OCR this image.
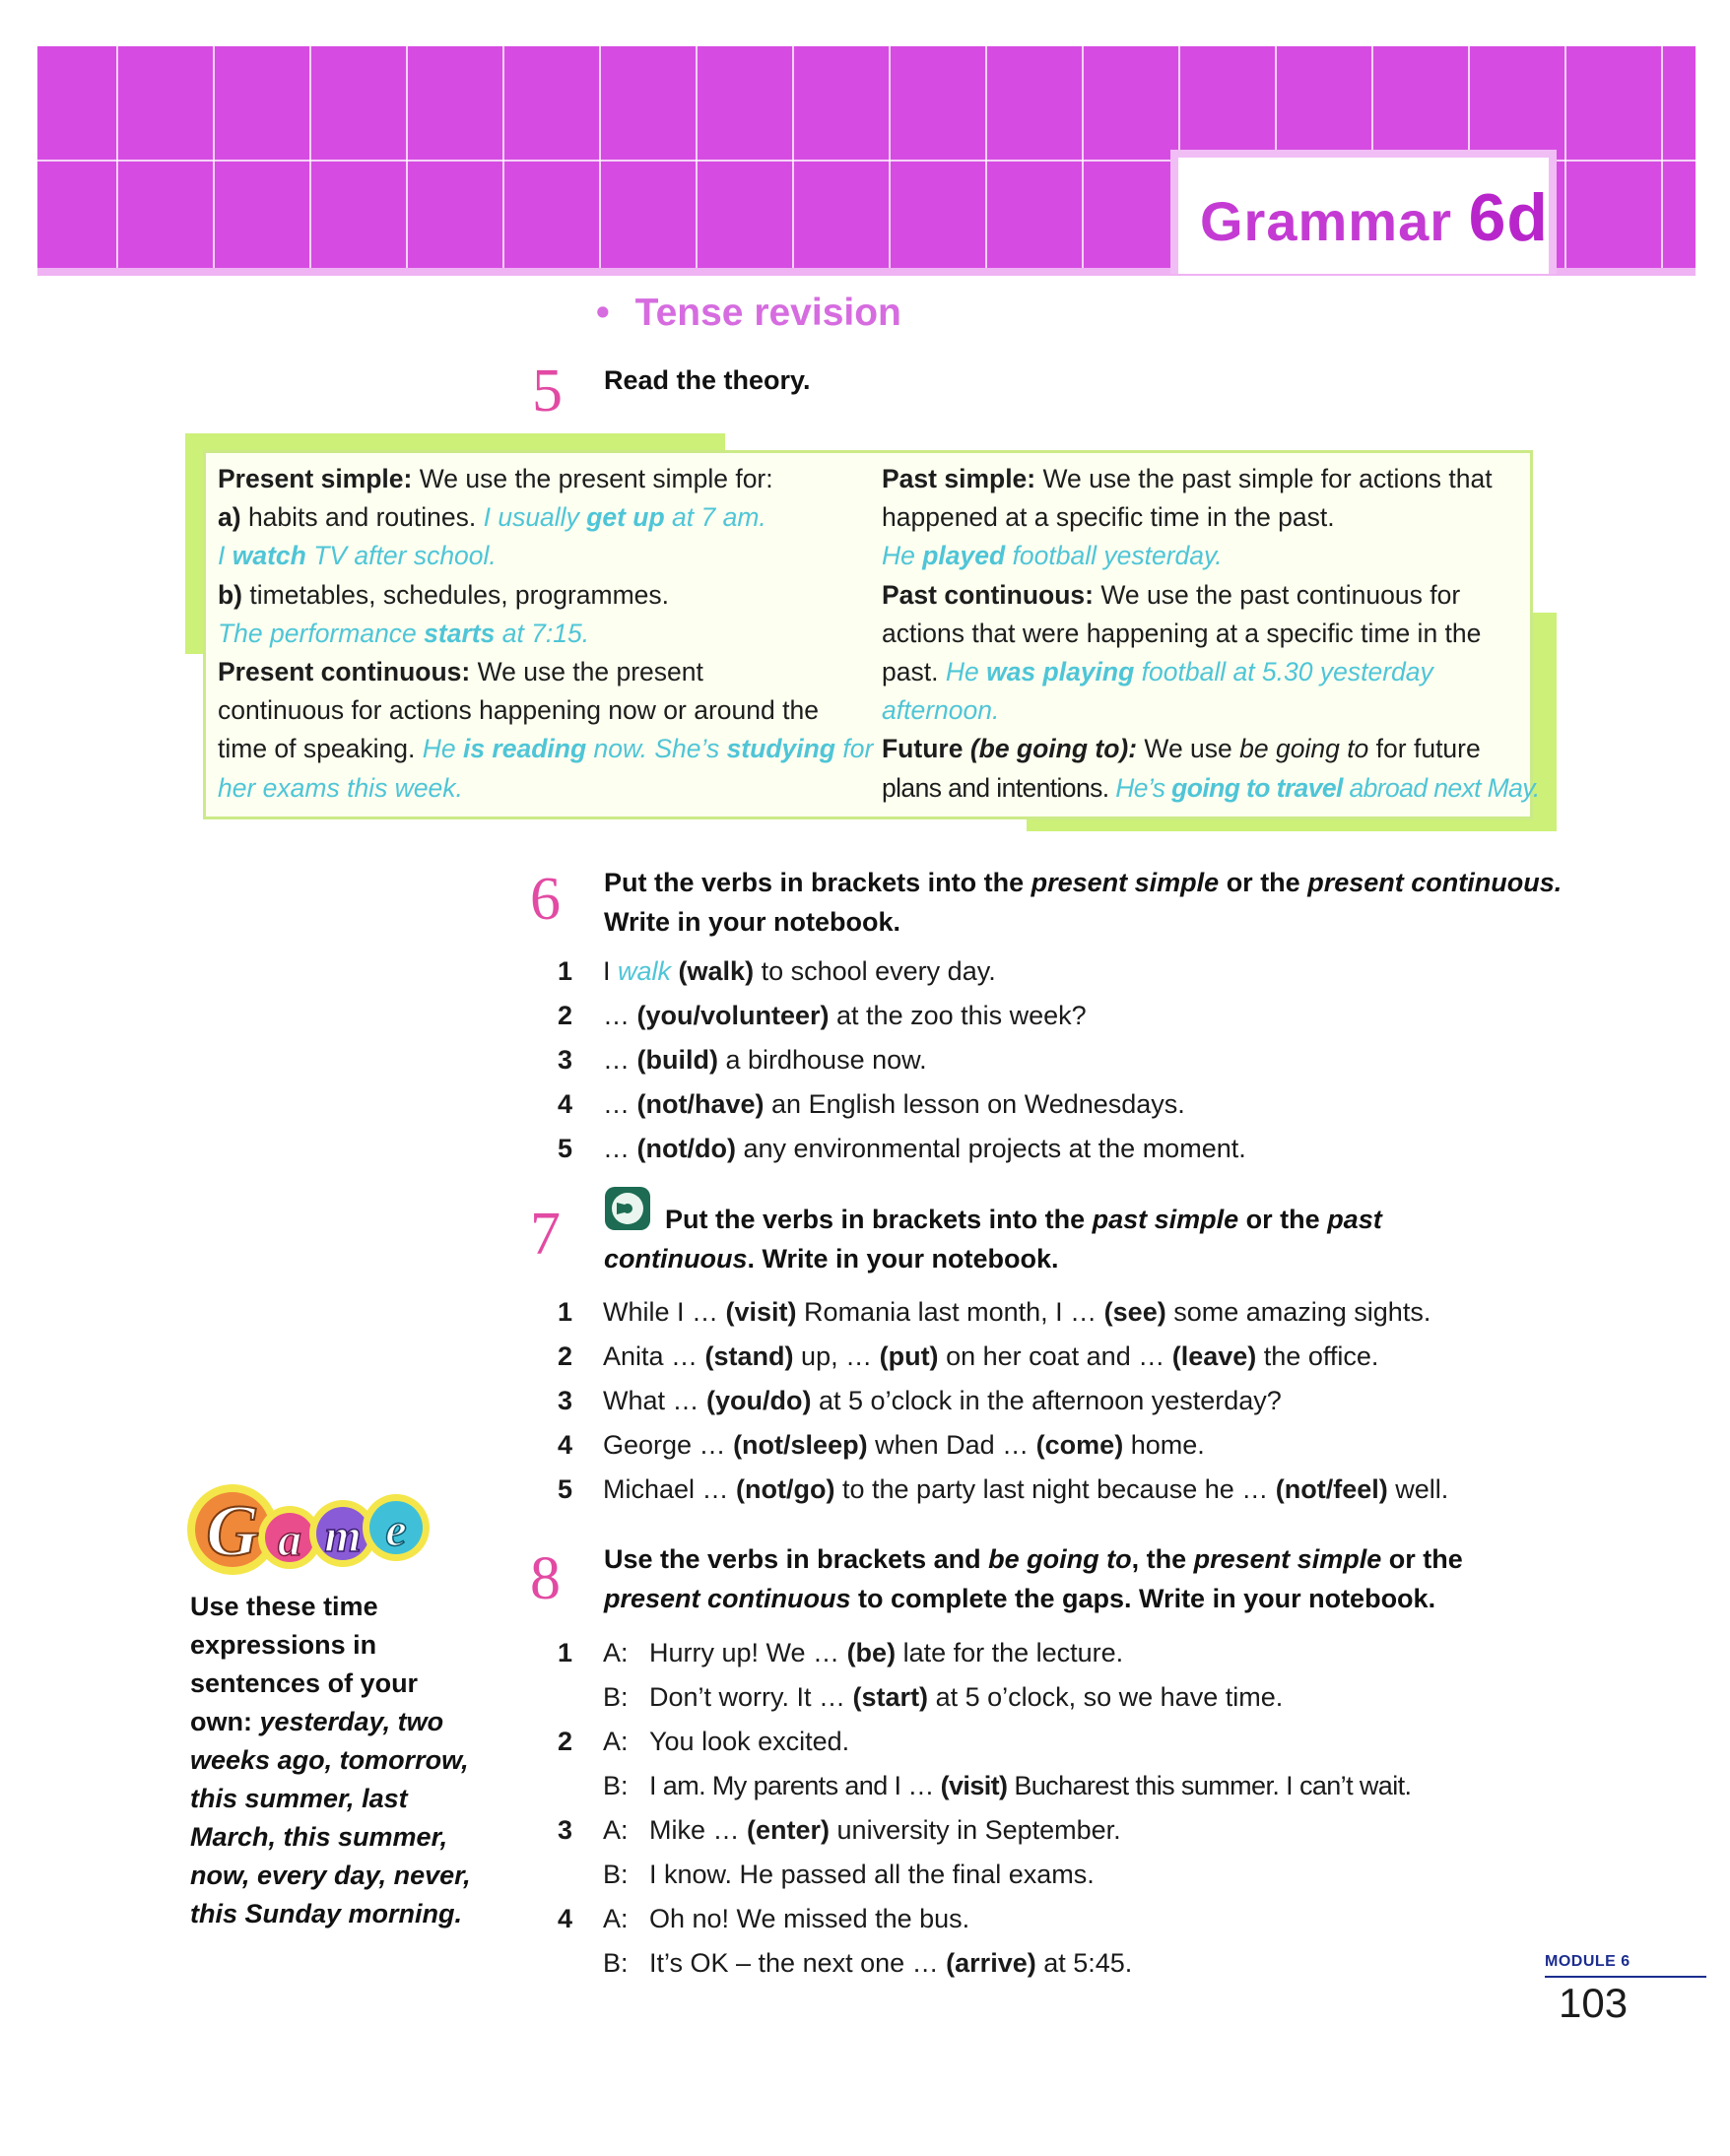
Grammar 6d
• Tense revision
5 Read the theory.
Present simple: We use the present simple for:
a) habits and routines. I usually get up at 7 am.
I watch TV after school.
b) timetables, schedules, programmes.
The performance starts at 7:15.
Present continuous: We use the present
continuous for actions happening now or around the
time of speaking. He is reading now. She’s studying for
her exams this week.
Past simple: We use the past simple for actions that
happened at a specific time in the past.
He played football yesterday.
Past continuous: We use the past continuous for
actions that were happening at a specific time in the
past. He was playing football at 5.30 yesterday
afternoon.
Future (be going to): We use be going to for future
plans and intentions. He’s going to travel abroad next May.
6 Put the verbs in brackets into the present simple or the present continuous.
Write in your notebook.
1 I walk (walk) to school every day.
2 … (you/volunteer) at the zoo this week?
3 … (build) a birdhouse now.
4 … (not/have) an English lesson on Wednesdays.
5 … (not/do) any environmental projects at the moment.
7	Put the verbs in brackets into the past simple or the past
continuous. Write in your notebook.
1 While I … (visit) Romania last month, I … (see) some amazing sights.
2 Anita … (stand) up, … (put) on her coat and … (leave) the office.
3 What … (you/do) at 5 o’clock in the afternoon yesterday?
4 George … (not/sleep) when Dad … (come) home.
5 Michael … (not/go) to the party last night because he … (not/feel) well.
8 Use the verbs in brackets and be going to, the present simple or the
present continuous to complete the gaps. Write in your notebook.
1 A: Hurry up! We … (be) late for the lecture.
B: Don’t worry. It … (start) at 5 o’clock, so we have time.
2 A: You look excited.
B: I am. My parents and I … (visit) Bucharest this summer. I can’t wait.
3 A: Mike … (enter) university in September.
B: I know. He passed all the final exams.
4 A: Oh no! We missed the bus.
B: It’s OK – the next one … (arrive) at 5:45.
G a m e
Use these time expressions in sentences of your own: yesterday, two weeks ago, tomorrow, this summer, last March, this summer, now, every day, never, this Sunday morning.
MODULE 6
103
